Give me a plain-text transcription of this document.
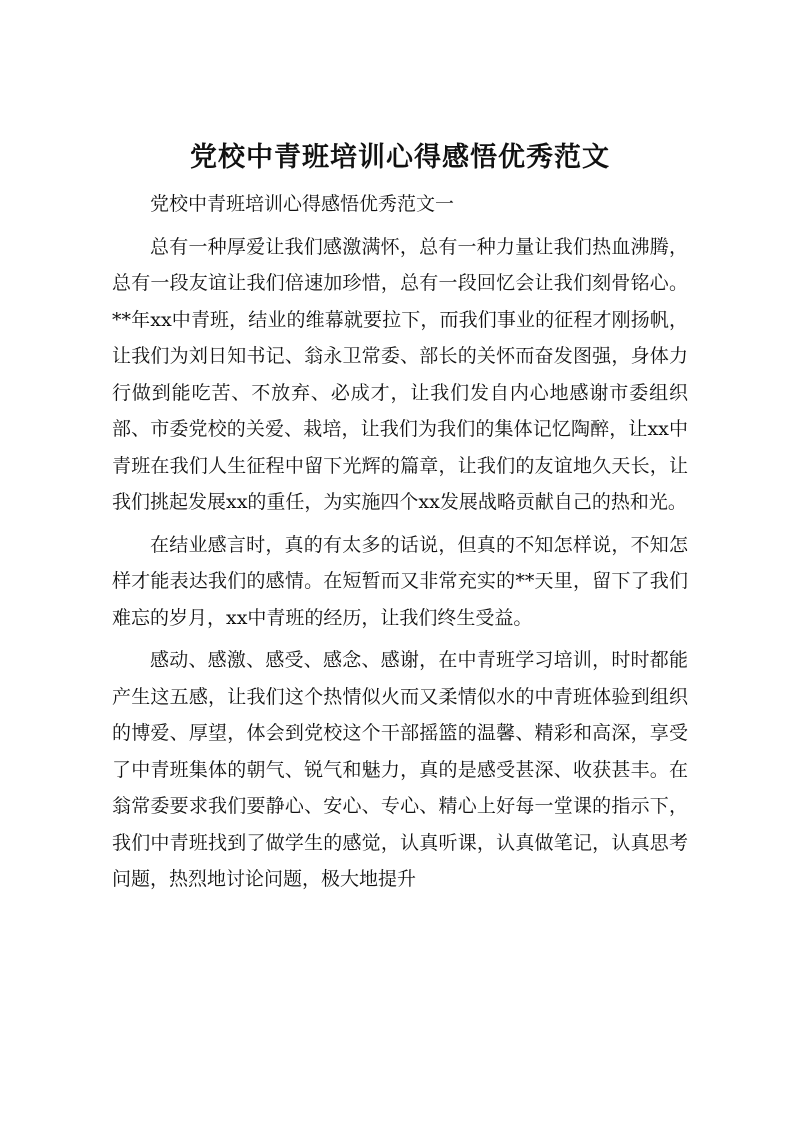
党校中青班培训心得感悟优秀范文

党校中青班培训心得感悟优秀范文一

总有一种厚爱让我们感激满怀，总有一种力量让我们热血沸腾，总有一段友谊让我们倍速加珍惜，总有一段回忆会让我们刻骨铭心。**年xx中青班，结业的维幕就要拉下，而我们事业的征程才刚扬帆，让我们为刘日知书记、翁永卫常委、部长的关怀而奋发图强，身体力行做到能吃苦、不放弃、必成才，让我们发自内心地感谢市委组织部、市委党校的关爱、栽培，让我们为我们的集体记忆陶醉，让xx中青班在我们人生征程中留下光辉的篇章，让我们的友谊地久天长，让我们挑起发展xx的重任，为实施四个xx发展战略贡献自己的热和光。

在结业感言时，真的有太多的话说，但真的不知怎样说，不知怎样才能表达我们的感情。在短暂而又非常充实的**天里，留下了我们难忘的岁月，xx中青班的经历，让我们终生受益。

感动、感激、感受、感念、感谢，在中青班学习培训，时时都能产生这五感，让我们这个热情似火而又柔情似水的中青班体验到组织的博爱、厚望，体会到党校这个干部摇篮的温馨、精彩和高深，享受了中青班集体的朝气、锐气和魅力，真的是感受甚深、收获甚丰。在翁常委要求我们要静心、安心、专心、精心上好每一堂课的指示下，我们中青班找到了做学生的感觉，认真听课，认真做笔记，认真思考问题，热烈地讨论问题，极大地提升
